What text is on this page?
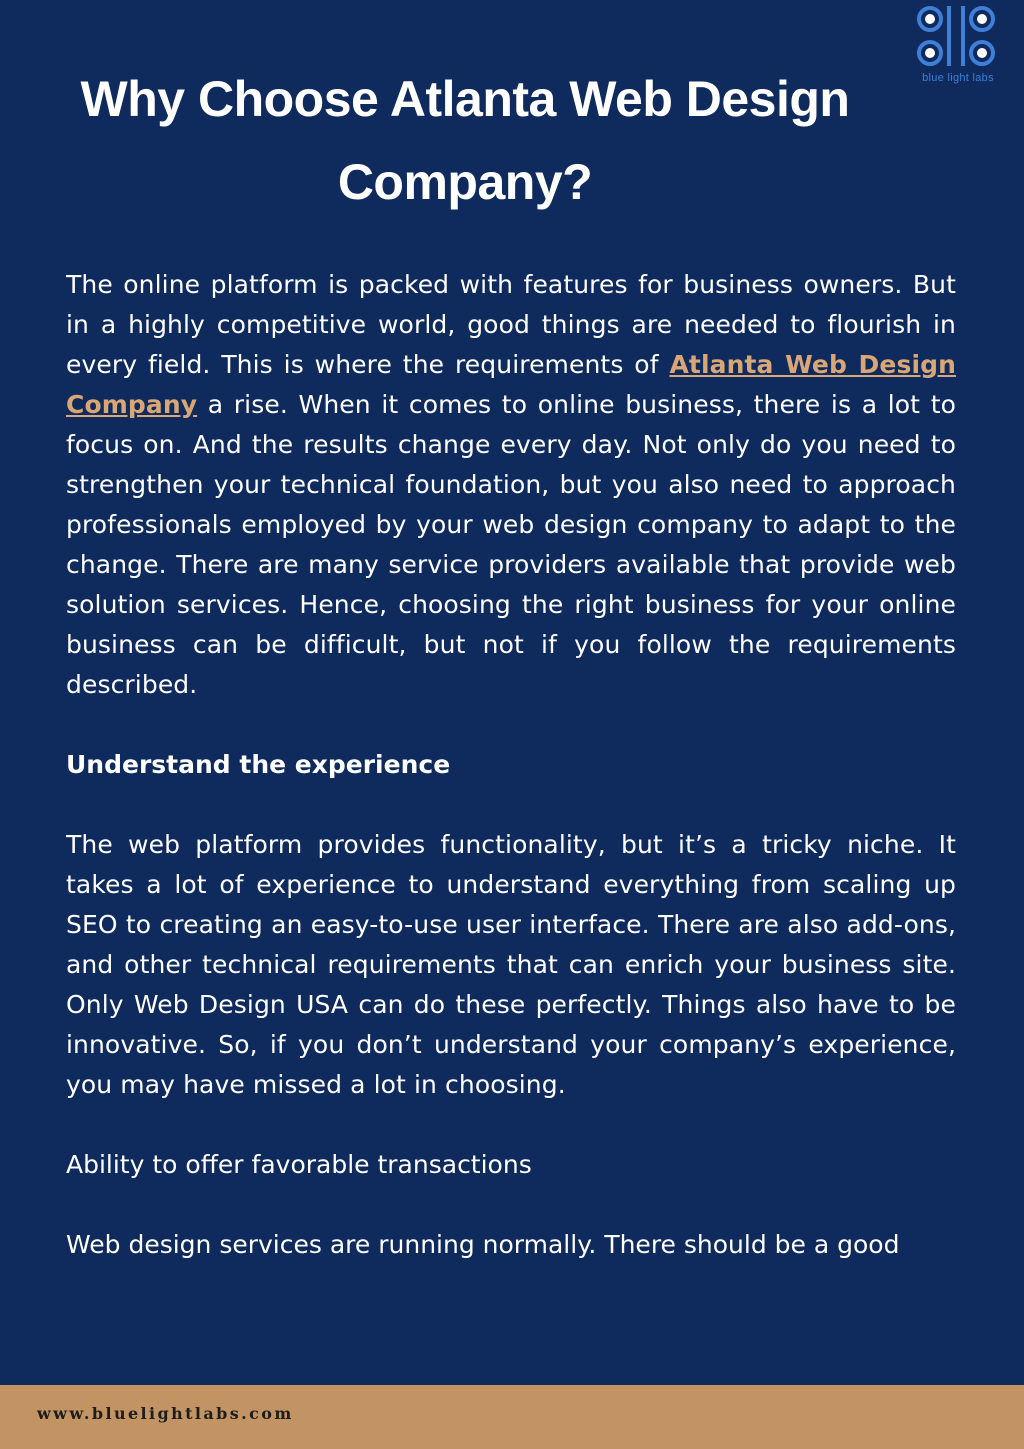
blue light labs
Why Choose Atlanta Web Design Company?

The online platform is packed with features for business owners. But in a highly competitive world, good things are needed to flourish in every field. This is where the requirements of Atlanta Web Design Company a rise. When it comes to online business, there is a lot to focus on. And the results change every day. Not only do you need to strengthen your technical foundation, but you also need to approach professionals employed by your web design company to adapt to the change. There are many service providers available that provide web solution services. Hence, choosing the right business for your online business can be difficult, but not if you follow the requirements described.

Understand the experience

The web platform provides functionality, but it’s a tricky niche. It takes a lot of experience to understand everything from scaling up SEO to creating an easy-to-use user interface. There are also add-ons, and other technical requirements that can enrich your business site. Only Web Design USA can do these perfectly. Things also have to be innovative. So, if you don’t understand your company’s experience, you may have missed a lot in choosing.

Ability to offer favorable transactions

Web design services are running normally. There should be a good

www.bluelightlabs.com
